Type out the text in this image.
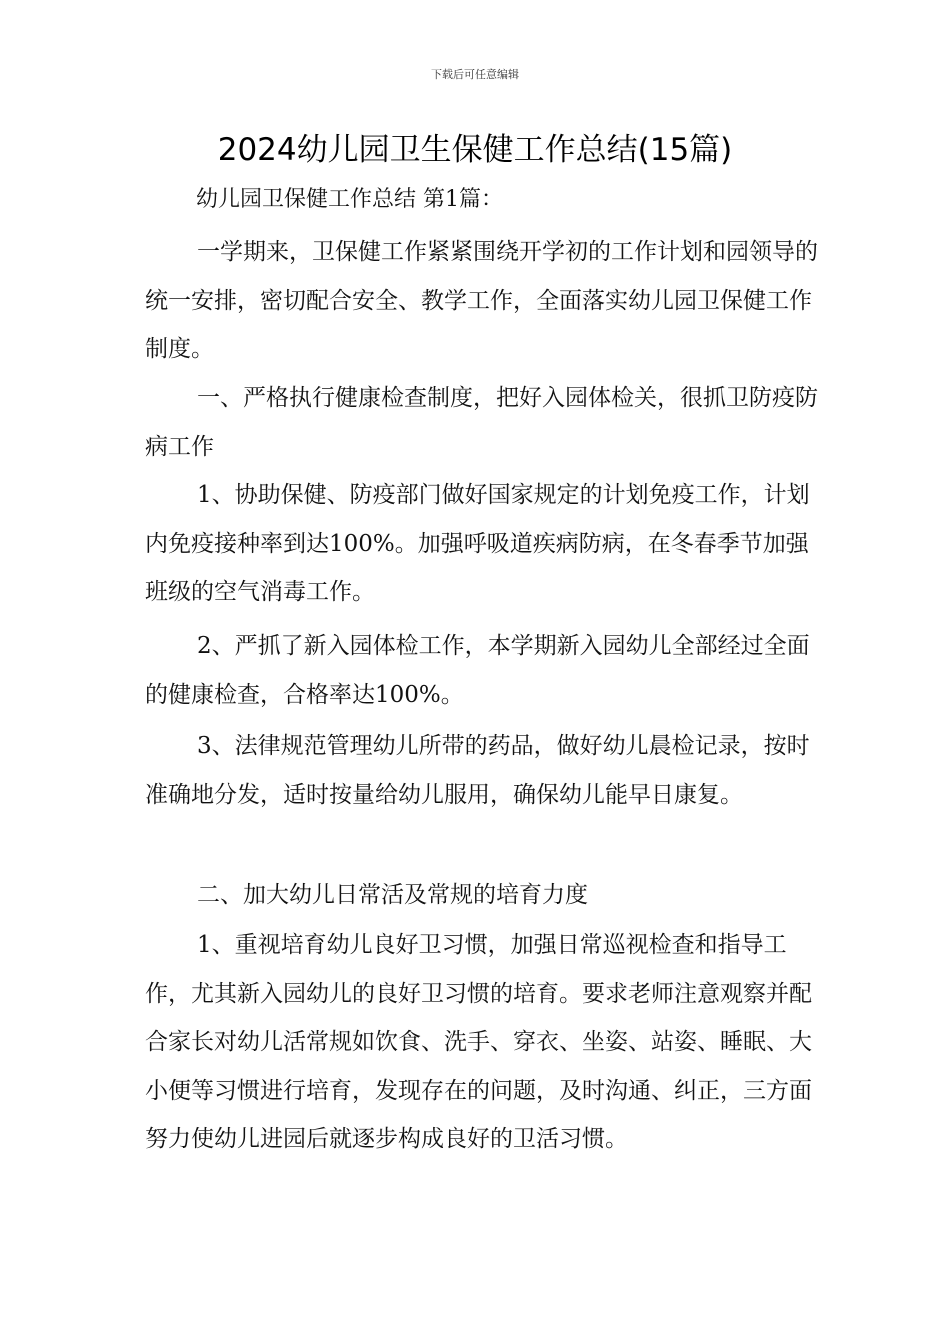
下载后可任意编辑
2024幼儿园卫生保健工作总结(15篇)
幼儿园卫保健工作总结 第1篇：

一学期来，卫保健工作紧紧围绕开学初的工作计划和园领导的统一安排，密切配合安全、教学工作，全面落实幼儿园卫保健工作制度。

一、严格执行健康检查制度，把好入园体检关，很抓卫防疫防病工作

1、协助保健、防疫部门做好国家规定的计划免疫工作，计划内免疫接种率到达100%。加强呼吸道疾病防病，在冬春季节加强班级的空气消毒工作。

2、严抓了新入园体检工作，本学期新入园幼儿全部经过全面的健康检查，合格率达100%。

3、法律规范管理幼儿所带的药品，做好幼儿晨检记录，按时准确地分发，适时按量给幼儿服用，确保幼儿能早日康复。

二、加大幼儿日常活及常规的培育力度

1、重视培育幼儿良好卫习惯，加强日常巡视检查和指导工作，尤其新入园幼儿的良好卫习惯的培育。要求老师注意观察并配合家长对幼儿活常规如饮食、洗手、穿衣、坐姿、站姿、睡眠、大小便等习惯进行培育，发现存在的问题，及时沟通、纠正，三方面努力使幼儿进园后就逐步构成良好的卫活习惯。
